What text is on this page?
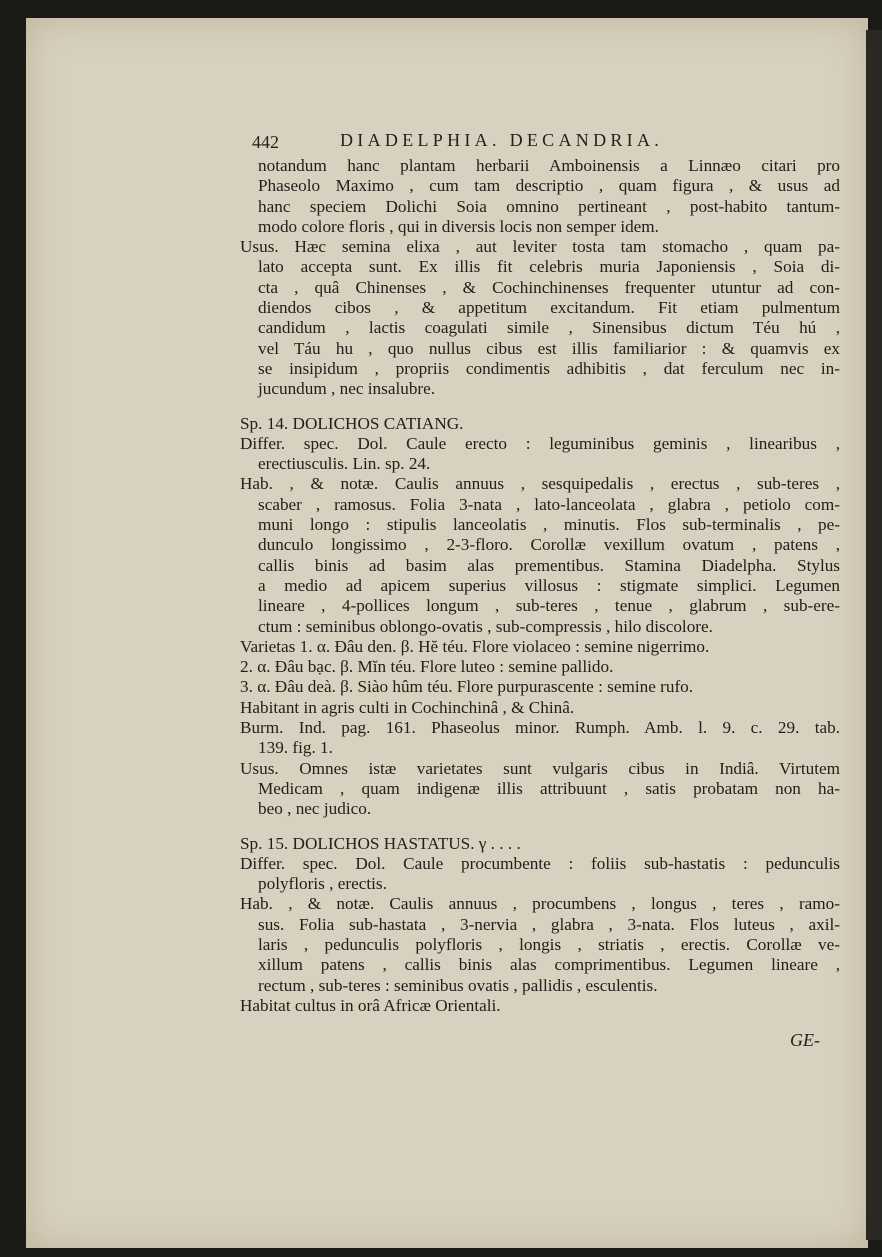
442	DIADELPHIA. DECANDRIA.
notandum hanc plantam herbarii Amboinensis a Linnæo citari pro
Phaseolo Maximo , cum tam descriptio , quam figura , & usus ad
hanc speciem Dolichi Soia omnino pertineant , post-habito tantum-
modo colore floris , qui in diversis locis non semper idem.
Usus. Hæc semina elixa , aut leviter tosta tam stomacho , quam pa-
lato accepta sunt. Ex illis fit celebris muria Japoniensis , Soia di-
cta , quâ Chinenses , & Cochinchinenses frequenter utuntur ad con-
diendos cibos , & appetitum excitandum. Fit etiam pulmentum
candidum , lactis coagulati simile , Sinensibus dictum Téu hú ,
vel Táu hu , quo nullus cibus est illis familiarior : & quamvis ex
se insipidum , propriis condimentis adhibitis , dat ferculum nec in-
jucundum , nec insalubre.
Sp. 14. DOLICHOS CATIANG.
Differ. spec. Dol. Caule erecto : leguminibus geminis , linearibus ,
erectiusculis. Lin. sp. 24.
Hab. , & notæ. Caulis annuus , sesquipedalis , erectus , sub-teres ,
scaber , ramosus. Folia 3-nata , lato-lanceolata , glabra , petiolo com-
muni longo : stipulis lanceolatis , minutis. Flos sub-terminalis , pe-
dunculo longissimo , 2-3-floro. Corollæ vexillum ovatum , patens ,
callis binis ad basim alas prementibus. Stamina Diadelpha. Stylus
a medio ad apicem superius villosus : stigmate simplici. Legumen
lineare , 4-pollices longum , sub-teres , tenue , glabrum , sub-ere-
ctum : seminibus oblongo-ovatis , sub-compressis , hilo discolore.
Varietas 1. α. Đâu den. β. Hĕ téu. Flore violaceo : semine nigerrimo.
2. α. Đâu bạc. β. Mĭn téu. Flore luteo : semine pallido.
3. α. Đâu deà. β. Siào hûm téu. Flore purpurascente : semine rufo.
Habitant in agris culti in Cochinchinâ , & Chinâ.
Burm. Ind. pag. 161. Phaseolus minor. Rumph. Amb. l. 9. c. 29. tab.
139. fig. 1.
Usus. Omnes istæ varietates sunt vulgaris cibus in Indiâ. Virtutem
Medicam , quam indigenæ illis attribuunt , satis probatam non ha-
beo , nec judico.
Sp. 15. DOLICHOS HASTATUS. γ . . . .
Differ. spec. Dol. Caule procumbente : foliis sub-hastatis : pedunculis
polyfloris , erectis.
Hab. , & notæ. Caulis annuus , procumbens , longus , teres , ramo-
sus. Folia sub-hastata , 3-nervia , glabra , 3-nata. Flos luteus , axil-
laris , pedunculis polyfloris , longis , striatis , erectis. Corollæ ve-
xillum patens , callis binis alas comprimentibus. Legumen lineare ,
rectum , sub-teres : seminibus ovatis , pallidis , esculentis.
Habitat cultus in orâ Africæ Orientali.
GE-
